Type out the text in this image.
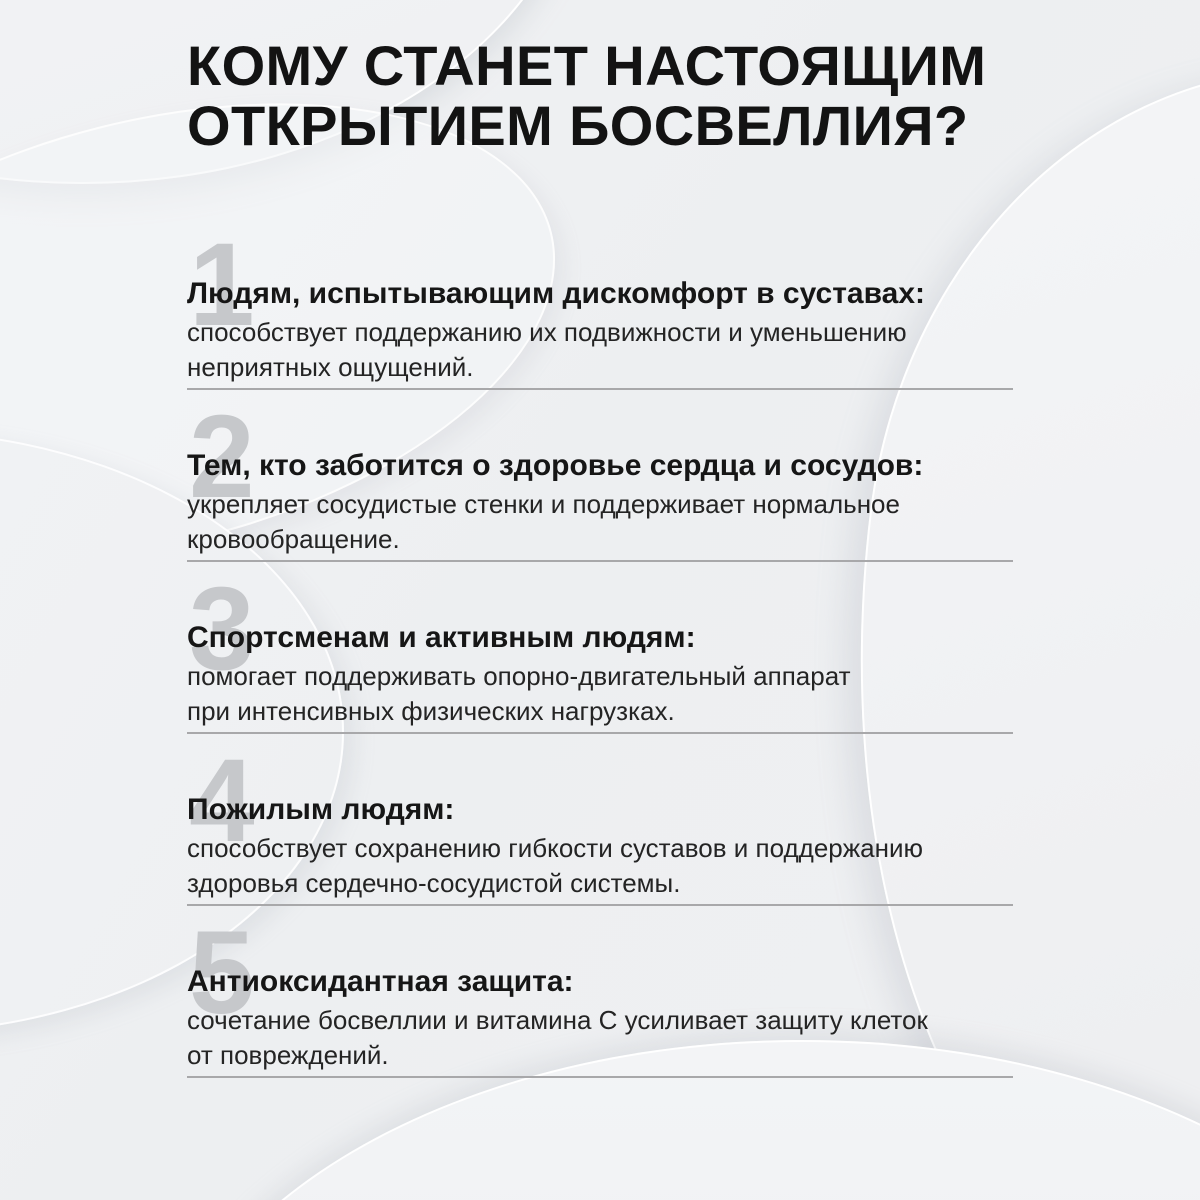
КОМУ СТАНЕТ НАСТОЯЩИМ
ОТКРЫТИЕМ БОСВЕЛЛИЯ?
1
Людям, испытывающим дискомфорт в суставах:

способствует поддержанию их подвижности и уменьшению
неприятных ощущений.

2
Тем, кто заботится о здоровье сердца и сосудов:

укрепляет сосудистые стенки и поддерживает нормальное
кровообращение.

3
Спортсменам и активным людям:

помогает поддерживать опорно-двигательный аппарат
при интенсивных физических нагрузках.

4
Пожилым людям:

способствует сохранению гибкости суставов и поддержанию
здоровья сердечно-сосудистой системы.

5
Антиоксидантная защита:

сочетание босвеллии и витамина С усиливает защиту клеток
от повреждений.
